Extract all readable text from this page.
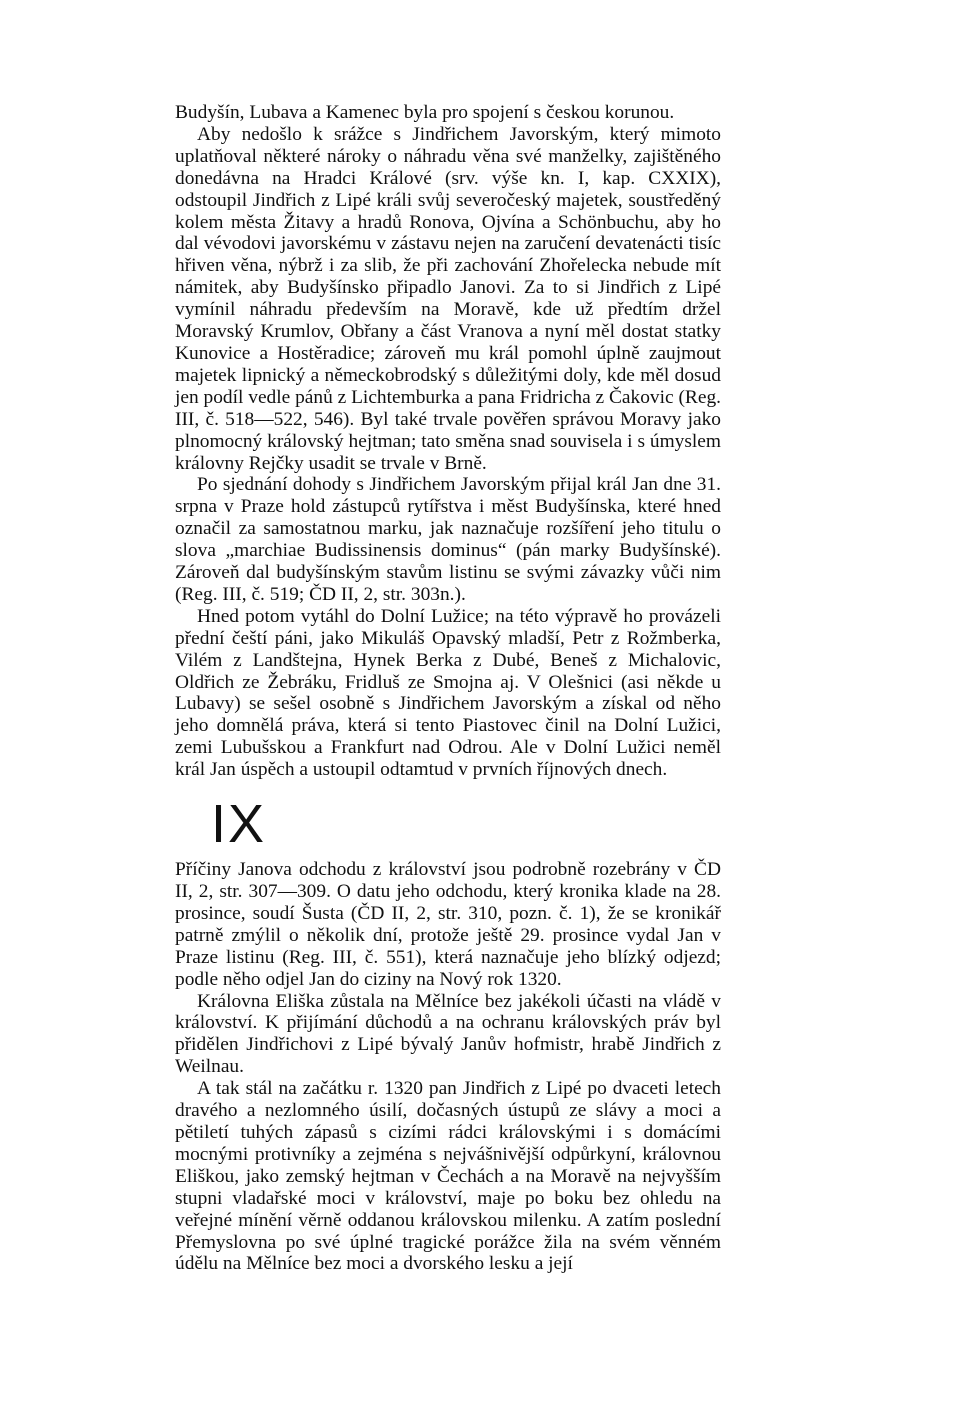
Budyšín, Lubava a Kamenec byla pro spojení s českou korunou.

Aby nedošlo k srážce s Jindřichem Javorským, který mimoto uplatňoval některé nároky o náhradu věna své manželky, zajištěného donedávna na Hradci Králové (srv. výše kn. I, kap. CXXIX), odstoupil Jindřich z Lipé králi svůj severočeský majetek, soustředěný kolem města Žitavy a hradů Ronova, Ojvína a Schönbuchu, aby ho dal vévodovi javorskému v zástavu nejen na zaručení devatenácti tisíc hřiven věna, nýbrž i za slib, že při zachování Zhořelecka nebude mít námitek, aby Budyšínsko připadlo Janovi. Za to si Jindřich z Lipé vymínil náhradu především na Moravě, kde už předtím držel Moravský Krumlov, Obřany a část Vranova a nyní měl dostat statky Kunovice a Hostěradice; zároveň mu král pomohl úplně zaujmout majetek lipnický a německobrodský s důležitými doly, kde měl dosud jen podíl vedle pánů z Lichtemburka a pana Fridricha z Čakovic (Reg. III, č. 518—522, 546). Byl také trvale pověřen správou Moravy jako plnomocný královský hejtman; tato směna snad souvisela i s úmyslem královny Rejčky usadit se trvale v Brně.

Po sjednání dohody s Jindřichem Javorským přijal král Jan dne 31. srpna v Praze hold zástupců rytířstva i měst Budyšínska, které hned označil za samostatnou marku, jak naznačuje rozšíření jeho titulu o slova „marchiae Budissinensis dominus“ (pán marky Budyšínské). Zároveň dal budyšínským stavům listinu se svými závazky vůči nim (Reg. III, č. 519; ČD II, 2, str. 303n.).

Hned potom vytáhl do Dolní Lužice; na této výpravě ho provázeli přední čeští páni, jako Mikuláš Opavský mladší, Petr z Rožmberka, Vilém z Landštejna, Hynek Berka z Dubé, Beneš z Michalovic, Oldřich ze Žebráku, Fridluš ze Smojna aj. V Olešnici (asi někde u Lubavy) se sešel osobně s Jindřichem Javorským a získal od něho jeho domnělá práva, která si tento Piastovec činil na Dolní Lužici, zemi Lubušskou a Frankfurt nad Odrou. Ale v Dolní Lužici neměl král Jan úspěch a ustoupil odtamtud v prvních říjnových dnech.

IX

Příčiny Janova odchodu z království jsou podrobně rozebrány v ČD II, 2, str. 307—309. O datu jeho odchodu, který kronika klade na 28. prosince, soudí Šusta (ČD II, 2, str. 310, pozn. č. 1), že se kronikář patrně zmýlil o několik dní, protože ještě 29. prosince vydal Jan v Praze listinu (Reg. III, č. 551), která naznačuje jeho blízký odjezd; podle něho odjel Jan do ciziny na Nový rok 1320.

Královna Eliška zůstala na Mělníce bez jakékoli účasti na vládě v království. K přijímání důchodů a na ochranu královských práv byl přidělen Jindřichovi z Lipé bývalý Janův hofmistr, hrabě Jindřich z Weilnau.

A tak stál na začátku r. 1320 pan Jindřich z Lipé po dvaceti letech dravého a nezlomného úsilí, dočasných ústupů ze slávy a moci a pětiletí tuhých zápasů s cizími rádci královskými i s domácími mocnými protivníky a zejména s nejvášnivější odpůrkyní, královnou Eliškou, jako zemský hejtman v Čechách a na Moravě na nejvyšším stupni vladařské moci v království, maje po boku bez ohledu na veřejné mínění věrně oddanou královskou milenku. A zatím poslední Přemyslovna po své úplné tragické porážce žila na svém věnném údělu na Mělníce bez moci a dvorského lesku a její
